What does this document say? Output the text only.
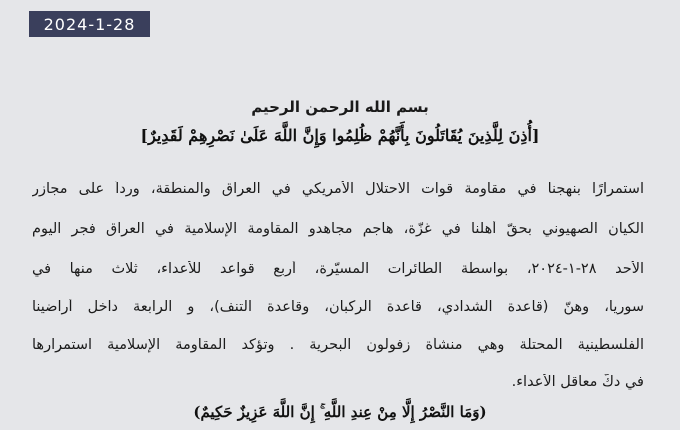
2024-1-28
بسم الله الرحمن الرحيم
[أُذِنَ لِلَّذِينَ يُقَاتَلُونَ بِأَنَّهُمْ ظُلِمُوا وَإِنَّ اللَّهَ عَلَىٰ نَصْرِهِمْ لَقَدِيرٌ]
استمرارًا بنهجنا في مقاومة قوات الاحتلال الأمريكي في العراق والمنطقة، ورداً على مجازر
الكيان الصهيوني بحقّ أهلنا في غزّة، هاجم مجاهدو المقاومة الإسلامية في العراق فجر اليوم
الأحد ٢٨-١-٢٠٢٤، بواسطة الطائرات المسيّرة، أربع قواعد للأعداء، ثلاث منها في
سوريا، وهنّ (قاعدة الشدادي، قاعدة الركبان، وقاعدة التنف)، و الرابعة داخل أراضينا
الفلسطينية المحتلة وهي منشأة زفولون البحرية . وتؤكد المقاومة الإسلامية استمرارها
في دكّ معاقل الأعداء.
(وَمَا النَّصْرُ إِلَّا مِنْ عِندِ اللَّهِ ۚ إِنَّ اللَّهَ عَزِيزٌ حَكِيمٌ)
